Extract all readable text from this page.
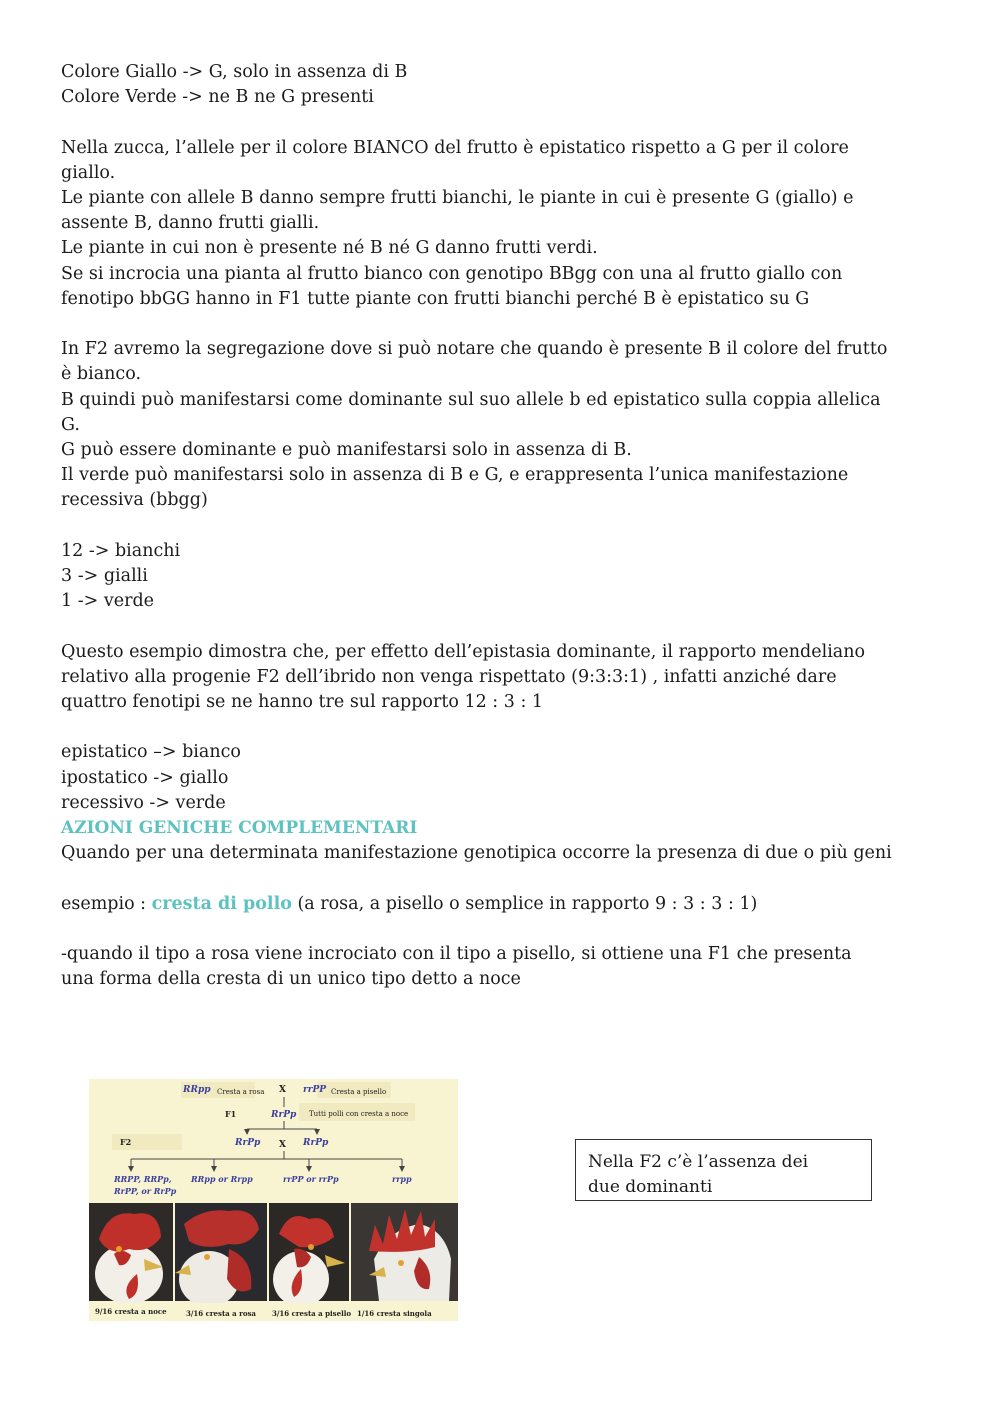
Colore Giallo -> G, solo in assenza di B

Colore Verde -> ne B ne G presenti

Nella zucca, l’allele per il colore BIANCO del frutto è epistatico rispetto a G per il colore

giallo.

Le piante con allele B danno sempre frutti bianchi, le piante in cui è presente G (giallo) e

assente B, danno frutti gialli.

Le piante in cui non è presente né B né G danno frutti verdi.

Se si incrocia una pianta al frutto bianco con genotipo BBgg con una al frutto giallo con

fenotipo bbGG hanno in F1 tutte piante con frutti bianchi perché B è epistatico su G

In F2 avremo la segregazione dove si può notare che quando è presente B il colore del frutto

è bianco.

B quindi può manifestarsi come dominante sul suo allele b ed epistatico sulla coppia allelica

G.

G può essere dominante e può manifestarsi solo in assenza di B.

Il verde può manifestarsi solo in assenza di B e G, e erappresenta l’unica manifestazione

recessiva (bbgg)

12 -> bianchi

3 -> gialli

1 -> verde

Questo esempio dimostra che, per effetto dell’epistasia dominante, il rapporto mendeliano

relativo alla progenie F2 dell’ibrido non venga rispettato (9:3:3:1) , infatti anziché dare

quattro fenotipi se ne hanno tre sul rapporto 12 : 3 : 1

epistatico –> bianco

ipostatico -> giallo

recessivo -> verde

AZIONI GENICHE COMPLEMENTARI

Quando per una determinata manifestazione genotipica occorre la presenza di due o più geni

esempio : cresta di pollo (a rosa, a pisello o semplice in rapporto 9 : 3 : 3 : 1)

-quando il tipo a rosa viene incrociato con il tipo a pisello, si ottiene una F1 che presenta

una forma della cresta di un unico tipo detto a noce

RRpp Cresta a rosa X rrPP Cresta a pisello
F1	RrPp Tutti polli con cresta a noce
F2	RrPp X RrPp
RRPP, RRPp,
RrPP, or RrPp
RRpp or Rrpp	rrPP or rrPp	rrpp
9/16 cresta a noce	3/16 cresta a rosa 3/16 cresta a pisello 1/16 cresta singola
Nella F2 c’è l’assenza dei
due dominanti
